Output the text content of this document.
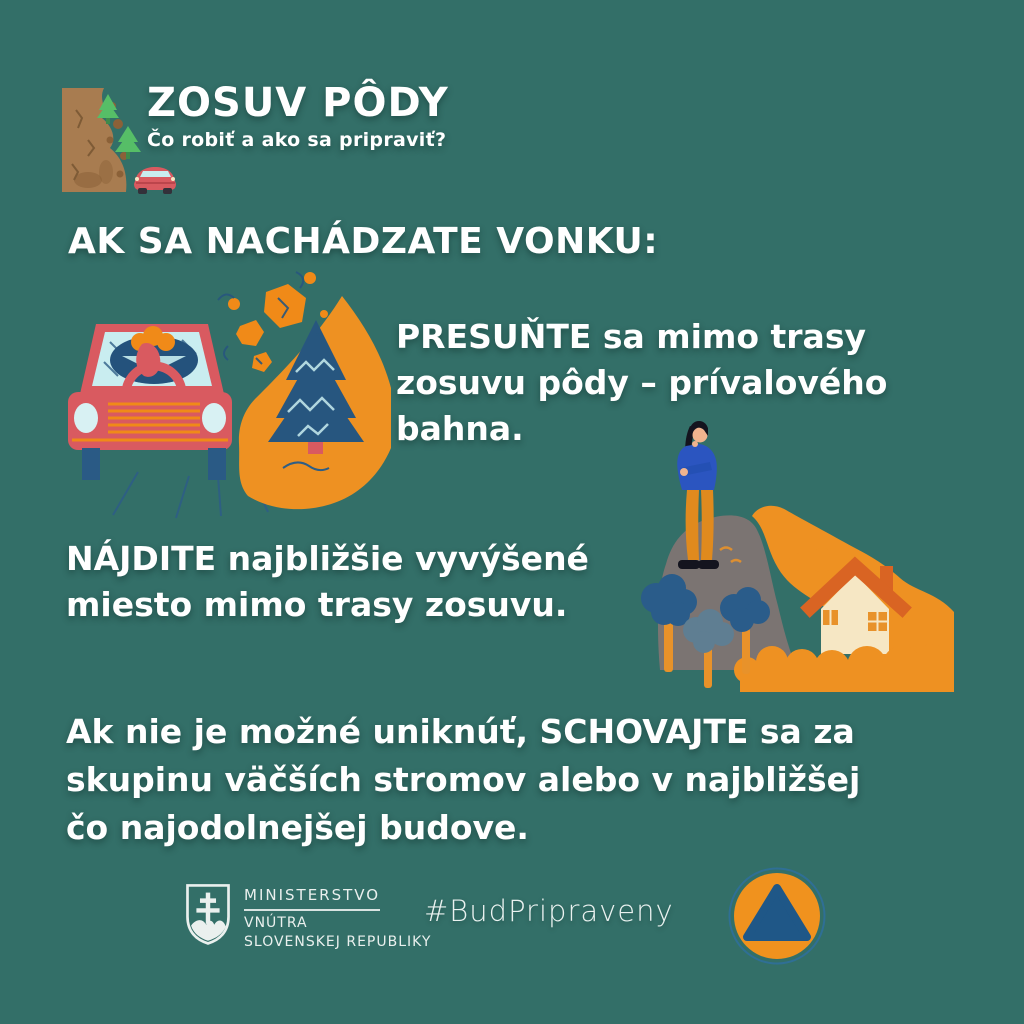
ZOSUV PÔDY
Čo robiť a ako sa pripraviť?
AK SA NACHÁDZATE VONKU:
PRESUŇTE sa mimo trasy
zosuvu pôdy – prívalového
bahna.
NÁJDITE najbližšie vyvýšené
miesto mimo trasy zosuvu.
Ak nie je možné uniknúť, SCHOVAJTE sa za
skupinu väčších stromov alebo v najbližšej
čo najodolnejšej budove.
MINISTERSTVO
VNÚTRA
SLOVENSKEJ REPUBLIKY
#BudPripraveny
